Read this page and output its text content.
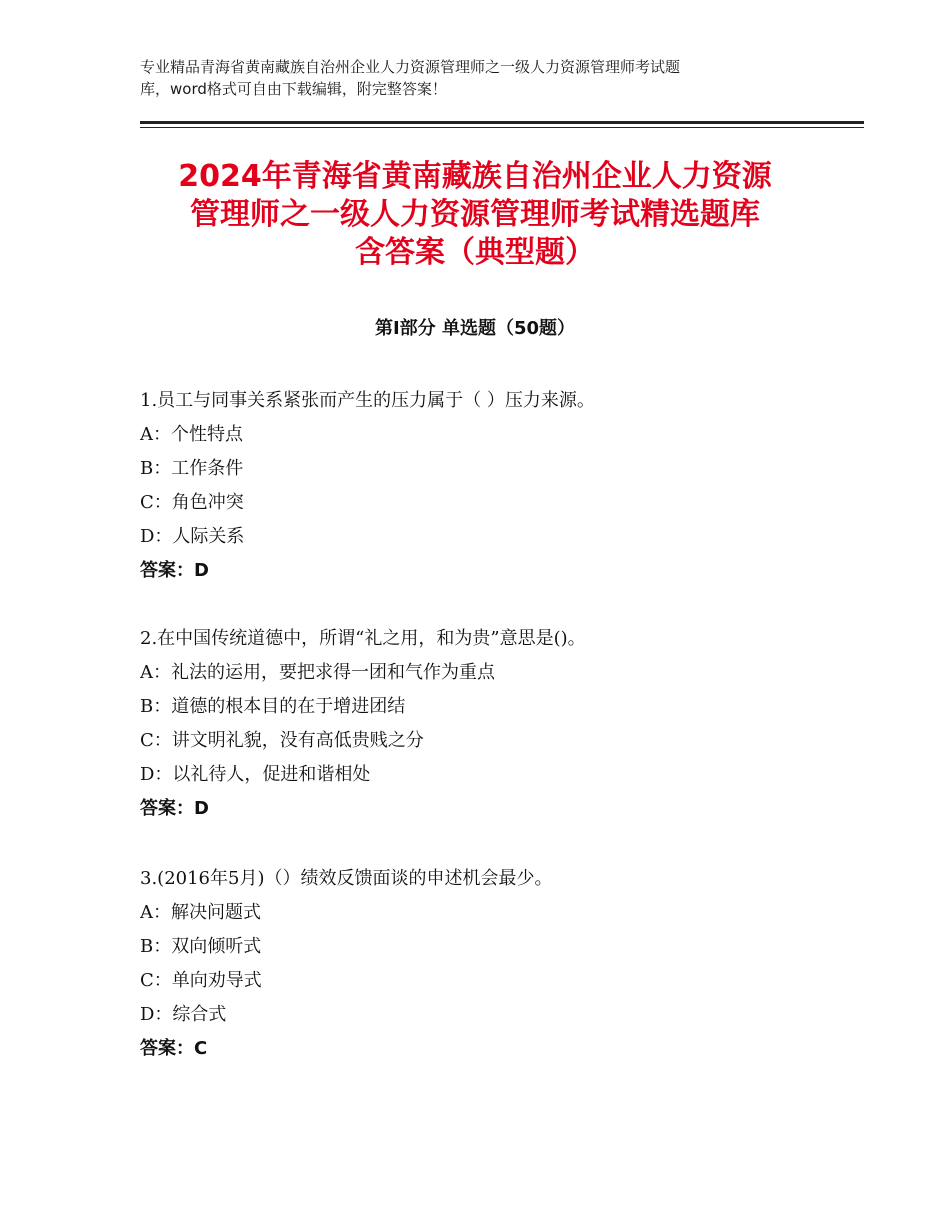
专业精品青海省黄南藏族自治州企业人力资源管理师之一级人力资源管理师考试题
库，word格式可自由下载编辑，附完整答案！
2024年青海省黄南藏族自治州企业人力资源
管理师之一级人力资源管理师考试精选题库
含答案（典型题）
第Ⅰ部分 单选题（50题）
1.员工与同事关系紧张而产生的压力属于（ ）压力来源。
A：个性特点
B：工作条件
C：角色冲突
D：人际关系
答案：D
2.在中国传统道德中，所谓“礼之用，和为贵”意思是()。
A：礼法的运用，要把求得一团和气作为重点
B：道德的根本目的在于增进团结
C：讲文明礼貌，没有高低贵贱之分
D：以礼待人，促进和谐相处
答案：D
3.(2016年5月)（）绩效反馈面谈的申述机会最少。
A：解决问题式
B：双向倾听式
C：单向劝导式
D：综合式
答案：C
